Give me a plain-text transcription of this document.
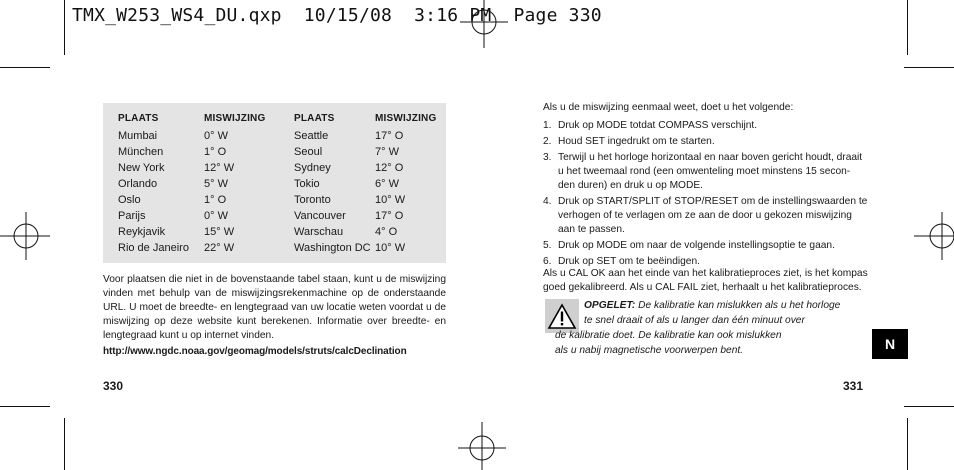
TMX_W253_WS4_DU.qxp  10/15/08  3:16 PM  Page 330
PLAATS	MISWIJZING	PLAATS	MISWIJZING
Mumbai	0° W	Seattle	17° O
München	1° O	Seoul	7° W
New York	12° W	Sydney	12° O
Orlando	5° W	Tokio	6° W
Oslo	1° O	Toronto	10° W
Parijs	0° W	Vancouver	17° O
Reykjavik	15° W	Warschau	4° O
Rio de Janeiro 22° W	Washington DC 10° W
Voor plaatsen die niet in de bovenstaande tabel staan, kunt u de miswijzing
vinden met behulp van de miswijzingsrekenmachine op de onderstaande
URL. U moet de breedte- en lengtegraad van uw locatie weten voordat u de
miswijzing op deze website kunt berekenen. Informatie over breedte- en
lengtegraad kunt u op internet vinden.
http://www.ngdc.noaa.gov/geomag/models/struts/calcDeclination
330
Als u de miswijzing eenmaal weet, doet u het volgende:
1. Druk op MODE totdat COMPASS verschijnt.
2. Houd SET ingedrukt om te starten.
3. Terwijl u het horloge horizontaal en naar boven gericht houdt, draait
u het tweemaal rond (een omwenteling moet minstens 15 secon-
den duren) en druk u op MODE.
4. Druk op START/SPLIT of STOP/RESET om de instellingswaarden te
verhogen of te verlagen om ze aan de door u gekozen miswijzing
aan te passen.
5. Druk op MODE om naar de volgende instellingsoptie te gaan.
6. Druk op SET om te beëindigen.
Als u CAL OK aan het einde van het kalibratieproces ziet, is het kompas
goed gekalibreerd. Als u CAL FAIL ziet, herhaalt u het kalibratieproces.
OPGELET: De kalibratie kan mislukken als u het horloge
te snel draait of als u langer dan één minuut over
de kalibratie doet. De kalibratie kan ook mislukken
als u nabij magnetische voorwerpen bent.
331
N
